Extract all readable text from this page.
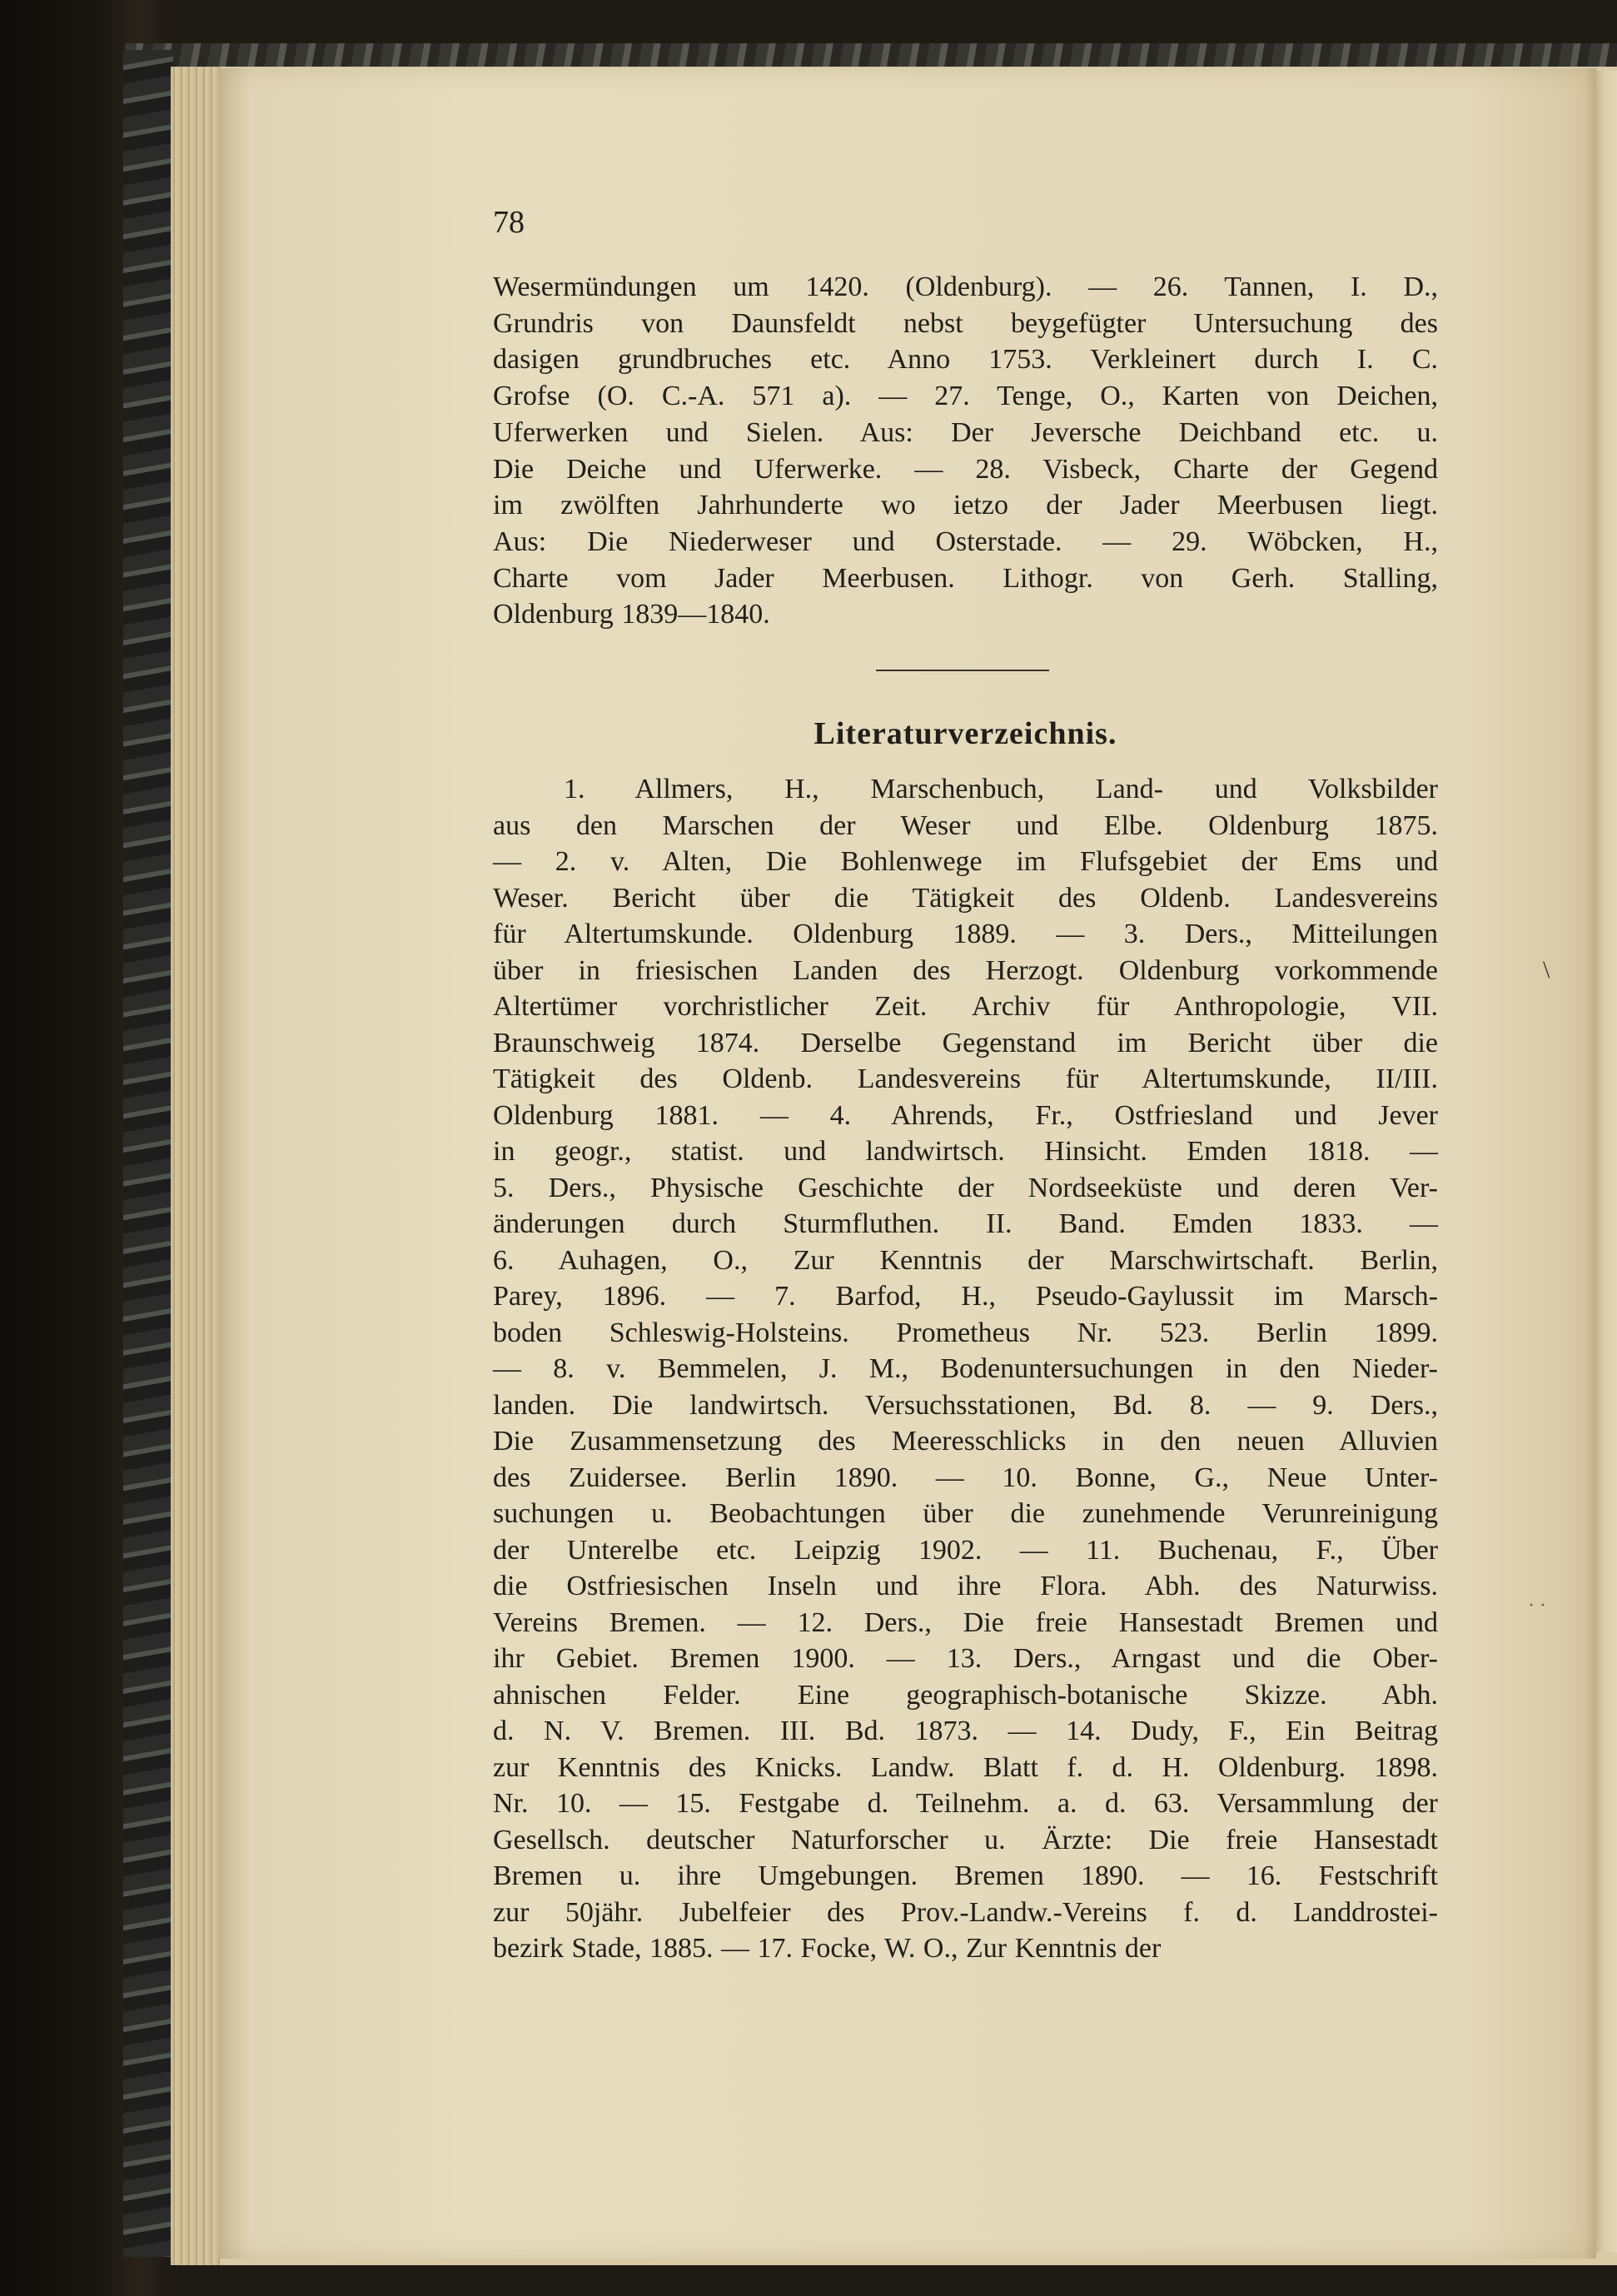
78
Literaturverzeichnis.
\
· ·
Wesermündungen um 1420. (Oldenburg). — 26. Tannen, I. D.,
Grundris von Daunsfeldt nebst beygefügter Untersuchung des
dasigen grundbruches etc. Anno 1753. Verkleinert durch I. C.
Grofse (O. C.-A. 571 a). — 27. Tenge, O., Karten von Deichen,
Uferwerken und Sielen. Aus: Der Jeversche Deichband etc. u.
Die Deiche und Uferwerke. — 28. Visbeck, Charte der Gegend
im zwölften Jahrhunderte wo ietzo der Jader Meerbusen liegt.
Aus: Die Niederweser und Osterstade. — 29. Wöbcken, H.,
Charte vom Jader Meerbusen. Lithogr. von Gerh. Stalling,
Oldenburg 1839—1840.
1. Allmers, H., Marschenbuch, Land- und Volksbilder
aus den Marschen der Weser und Elbe. Oldenburg 1875.
— 2. v. Alten, Die Bohlenwege im Flufsgebiet der Ems und
Weser. Bericht über die Tätigkeit des Oldenb. Landesvereins
für Altertumskunde. Oldenburg 1889. — 3. Ders., Mitteilungen
über in friesischen Landen des Herzogt. Oldenburg vorkommende
Altertümer vorchristlicher Zeit. Archiv für Anthropologie, VII.
Braunschweig 1874. Derselbe Gegenstand im Bericht über die
Tätigkeit des Oldenb. Landesvereins für Altertumskunde, II/III.
Oldenburg 1881. — 4. Ahrends, Fr., Ostfriesland und Jever
in geogr., statist. und landwirtsch. Hinsicht. Emden 1818. —
5. Ders., Physische Geschichte der Nordseeküste und deren Ver-
änderungen durch Sturmfluthen. II. Band. Emden 1833. —
6. Auhagen, O., Zur Kenntnis der Marschwirtschaft. Berlin,
Parey, 1896. — 7. Barfod, H., Pseudo-Gaylussit im Marsch-
boden Schleswig-Holsteins. Prometheus Nr. 523. Berlin 1899.
— 8. v. Bemmelen, J. M., Bodenuntersuchungen in den Nieder-
landen. Die landwirtsch. Versuchsstationen, Bd. 8. — 9. Ders.,
Die Zusammensetzung des Meeresschlicks in den neuen Alluvien
des Zuidersee. Berlin 1890. — 10. Bonne, G., Neue Unter-
suchungen u. Beobachtungen über die zunehmende Verunreinigung
der Unterelbe etc. Leipzig 1902. — 11. Buchenau, F., Über
die Ostfriesischen Inseln und ihre Flora. Abh. des Naturwiss.
Vereins Bremen. — 12. Ders., Die freie Hansestadt Bremen und
ihr Gebiet. Bremen 1900. — 13. Ders., Arngast und die Ober-
ahnischen Felder. Eine geographisch-botanische Skizze. Abh.
d. N. V. Bremen. III. Bd. 1873. — 14. Dudy, F., Ein Beitrag
zur Kenntnis des Knicks. Landw. Blatt f. d. H. Oldenburg. 1898.
Nr. 10. — 15. Festgabe d. Teilnehm. a. d. 63. Versammlung der
Gesellsch. deutscher Naturforscher u. Ärzte: Die freie Hansestadt
Bremen u. ihre Umgebungen. Bremen 1890. — 16. Festschrift
zur 50jähr. Jubelfeier des Prov.-Landw.-Vereins f. d. Landdrostei-
bezirk Stade, 1885. — 17. Focke, W. O., Zur Kenntnis der
